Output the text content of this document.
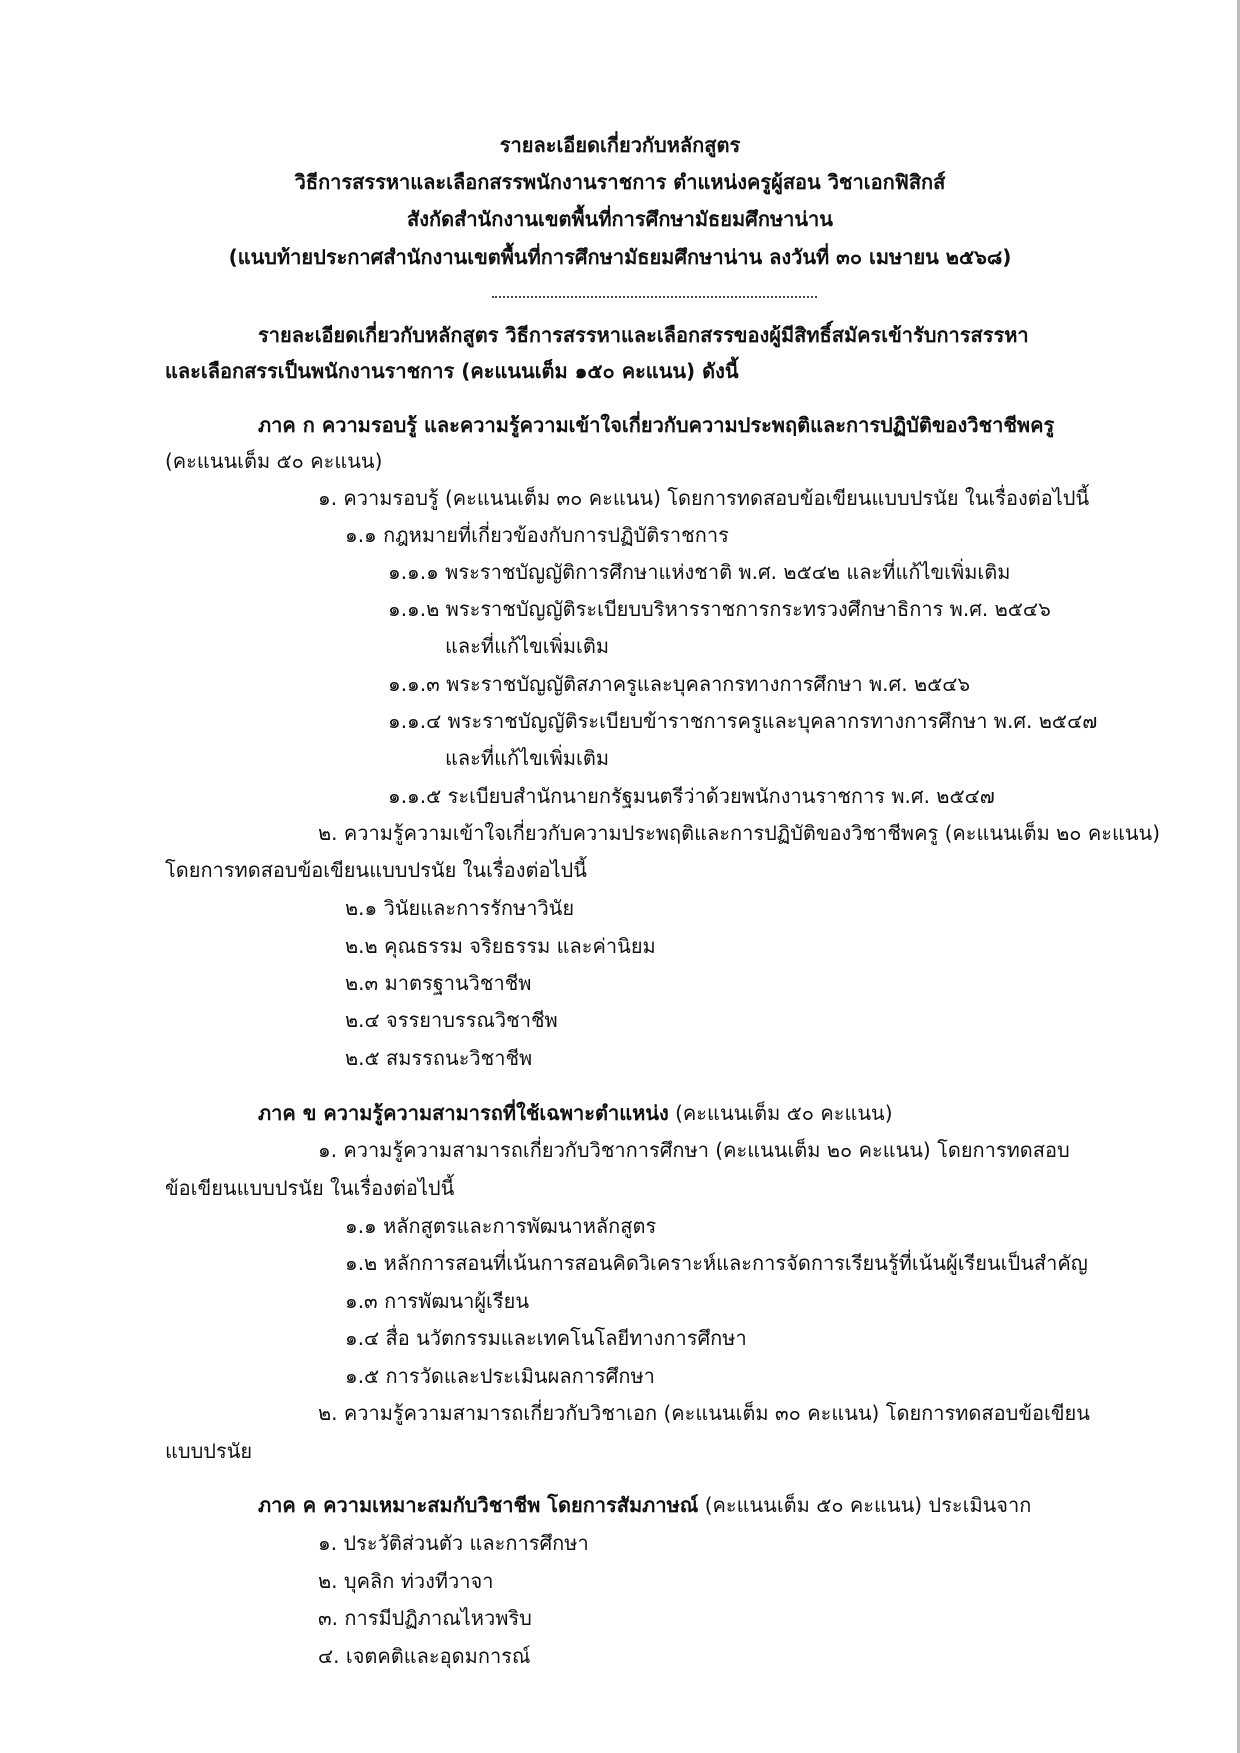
รายละเอียดเกี่ยวกับหลักสูตร
วิธีการสรรหาและเลือกสรรพนักงานราชการ ตำแหน่งครูผู้สอน วิชาเอกฟิสิกส์
สังกัดสำนักงานเขตพื้นที่การศึกษามัธยมศึกษาน่าน
(แนบท้ายประกาศสำนักงานเขตพื้นที่การศึกษามัธยมศึกษาน่าน ลงวันที่ ๓๐ เมษายน ๒๕๖๘)
รายละเอียดเกี่ยวกับหลักสูตร วิธีการสรรหาและเลือกสรรของผู้มีสิทธิ์สมัครเข้ารับการสรรหา
และเลือกสรรเป็นพนักงานราชการ (คะแนนเต็ม ๑๕๐ คะแนน) ดังนี้
ภาค ก ความรอบรู้ และความรู้ความเข้าใจเกี่ยวกับความประพฤติและการปฏิบัติของวิชาชีพครู
(คะแนนเต็ม ๕๐ คะแนน)
๑. ความรอบรู้ (คะแนนเต็ม ๓๐ คะแนน) โดยการทดสอบข้อเขียนแบบปรนัย ในเรื่องต่อไปนี้
๑.๑ กฎหมายที่เกี่ยวข้องกับการปฏิบัติราชการ
๑.๑.๑ พระราชบัญญัติการศึกษาแห่งชาติ พ.ศ. ๒๕๔๒ และที่แก้ไขเพิ่มเติม
๑.๑.๒ พระราชบัญญัติระเบียบบริหารราชการกระทรวงศึกษาธิการ พ.ศ. ๒๕๔๖
และที่แก้ไขเพิ่มเติม
๑.๑.๓ พระราชบัญญัติสภาครูและบุคลากรทางการศึกษา พ.ศ. ๒๕๔๖
๑.๑.๔ พระราชบัญญัติระเบียบข้าราชการครูและบุคลากรทางการศึกษา พ.ศ. ๒๕๔๗
และที่แก้ไขเพิ่มเติม
๑.๑.๕ ระเบียบสำนักนายกรัฐมนตรีว่าด้วยพนักงานราชการ พ.ศ. ๒๕๔๗
๒. ความรู้ความเข้าใจเกี่ยวกับความประพฤติและการปฏิบัติของวิชาชีพครู (คะแนนเต็ม ๒๐ คะแนน)
โดยการทดสอบข้อเขียนแบบปรนัย ในเรื่องต่อไปนี้
๒.๑ วินัยและการรักษาวินัย
๒.๒ คุณธรรม จริยธรรม และค่านิยม
๒.๓ มาตรฐานวิชาชีพ
๒.๔ จรรยาบรรณวิชาชีพ
๒.๕ สมรรถนะวิชาชีพ
ภาค ข ความรู้ความสามารถที่ใช้เฉพาะตำแหน่ง (คะแนนเต็ม ๕๐ คะแนน)
๑. ความรู้ความสามารถเกี่ยวกับวิชาการศึกษา (คะแนนเต็ม ๒๐ คะแนน) โดยการทดสอบ
ข้อเขียนแบบปรนัย ในเรื่องต่อไปนี้
๑.๑ หลักสูตรและการพัฒนาหลักสูตร
๑.๒ หลักการสอนที่เน้นการสอนคิดวิเคราะห์และการจัดการเรียนรู้ที่เน้นผู้เรียนเป็นสำคัญ
๑.๓ การพัฒนาผู้เรียน
๑.๔ สื่อ นวัตกรรมและเทคโนโลยีทางการศึกษา
๑.๕ การวัดและประเมินผลการศึกษา
๒. ความรู้ความสามารถเกี่ยวกับวิชาเอก (คะแนนเต็ม ๓๐ คะแนน) โดยการทดสอบข้อเขียน
แบบปรนัย
ภาค ค ความเหมาะสมกับวิชาชีพ โดยการสัมภาษณ์ (คะแนนเต็ม ๕๐ คะแนน) ประเมินจาก
๑. ประวัติส่วนตัว และการศึกษา
๒. บุคลิก ท่วงทีวาจา
๓. การมีปฏิภาณไหวพริบ
๔. เจตคติและอุดมการณ์
